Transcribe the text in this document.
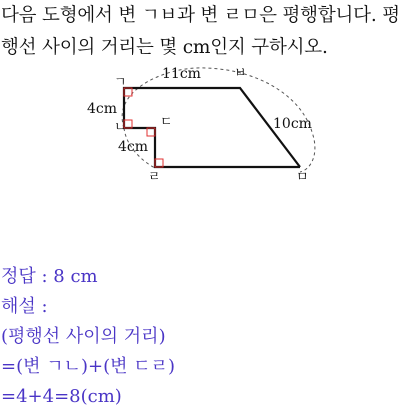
다음 도형에서 변 ㄱㅂ과 변 ㄹㅁ은 평행합니다. 평
행선 사이의 거리는 몇 cm인지 구하시오.
ㄱ
ㅂ
ㄴ	ㄷ
ㄹ	ㅁ
11cm
4cm
4cm
10cm
정답 : 8 cm
해설 :
(평행선 사이의 거리)
=(변 ㄱㄴ)+(변 ㄷㄹ)
=4+4=8(cm)
